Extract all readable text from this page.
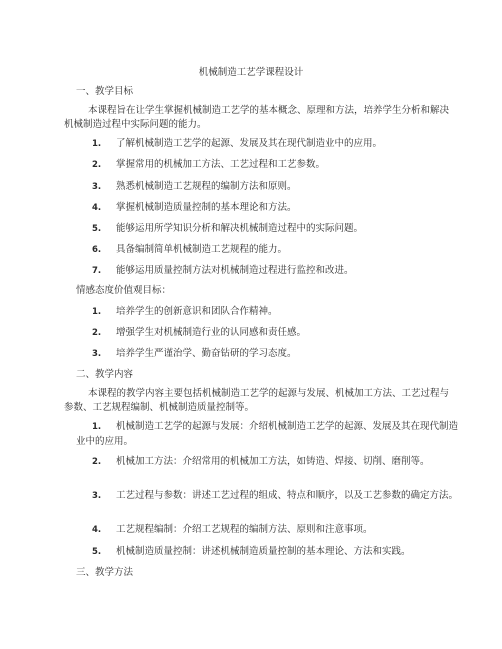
机械制造工艺学课程设计
一、教学目标
本课程旨在让学生掌握机械制造工艺学的基本概念、原理和方法，培养学生分析和解决机械制造过程中实际问题的能力。
1. 了解机械制造工艺学的起源、发展及其在现代制造业中的应用。
2. 掌握常用的机械加工方法、工艺过程和工艺参数。
3. 熟悉机械制造工艺规程的编制方法和原则。
4. 掌握机械制造质量控制的基本理论和方法。
5. 能够运用所学知识分析和解决机械制造过程中的实际问题。
6. 具备编制简单机械制造工艺规程的能力。
7. 能够运用质量控制方法对机械制造过程进行监控和改进。
情感态度价值观目标：
1. 培养学生的创新意识和团队合作精神。
2. 增强学生对机械制造行业的认同感和责任感。
3. 培养学生严谨治学、勤奋钻研的学习态度。
二、教学内容
本课程的教学内容主要包括机械制造工艺学的起源与发展、机械加工方法、工艺过程与参数、工艺规程编制、机械制造质量控制等。
1. 机械制造工艺学的起源与发展：介绍机械制造工艺学的起源、发展及其在现代制造业中的应用。
2. 机械加工方法：介绍常用的机械加工方法，如铸造、焊接、切削、磨削等。
3. 工艺过程与参数：讲述工艺过程的组成、特点和顺序，以及工艺参数的确定方法。
4. 工艺规程编制：介绍工艺规程的编制方法、原则和注意事项。
5. 机械制造质量控制：讲述机械制造质量控制的基本理论、方法和实践。
三、教学方法
